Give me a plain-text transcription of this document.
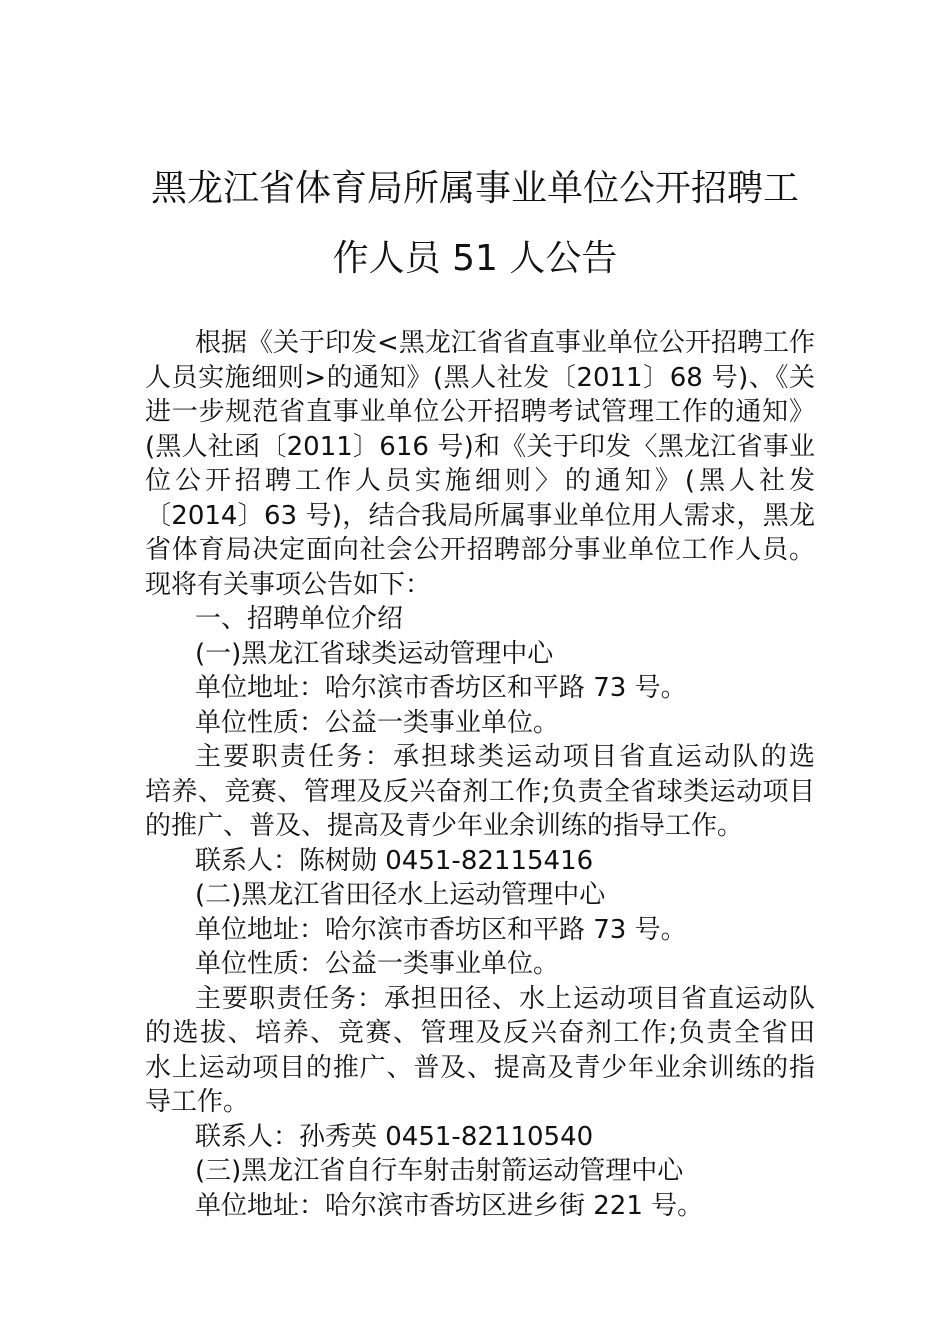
黑龙江省体育局所属事业单位公开招聘工
作人员 51 人公告
根据《关于印发<黑龙江省省直事业单位公开招聘工作
人员实施细则>的通知》(黑人社发〔2011〕68 号)、《关
进一步规范省直事业单位公开招聘考试管理工作的通知》
(黑人社函〔2011〕616 号)和《关于印发〈黑龙江省事业
位公开招聘工作人员实施细则〉的通知》(黑人社发
〔2014〕63 号)，结合我局所属事业单位用人需求，黑龙
省体育局决定面向社会公开招聘部分事业单位工作人员。
现将有关事项公告如下：
一、招聘单位介绍
(一)黑龙江省球类运动管理中心
单位地址：哈尔滨市香坊区和平路 73 号。
单位性质：公益一类事业单位。
主要职责任务：承担球类运动项目省直运动队的选
培养、竞赛、管理及反兴奋剂工作;负责全省球类运动项目
的推广、普及、提高及青少年业余训练的指导工作。
联系人：陈树勋 0451-82115416
(二)黑龙江省田径水上运动管理中心
单位地址：哈尔滨市香坊区和平路 73 号。
单位性质：公益一类事业单位。
主要职责任务：承担田径、水上运动项目省直运动队
的选拔、培养、竞赛、管理及反兴奋剂工作;负责全省田
水上运动项目的推广、普及、提高及青少年业余训练的指
导工作。
联系人：孙秀英 0451-82110540
(三)黑龙江省自行车射击射箭运动管理中心
单位地址：哈尔滨市香坊区进乡街 221 号。
